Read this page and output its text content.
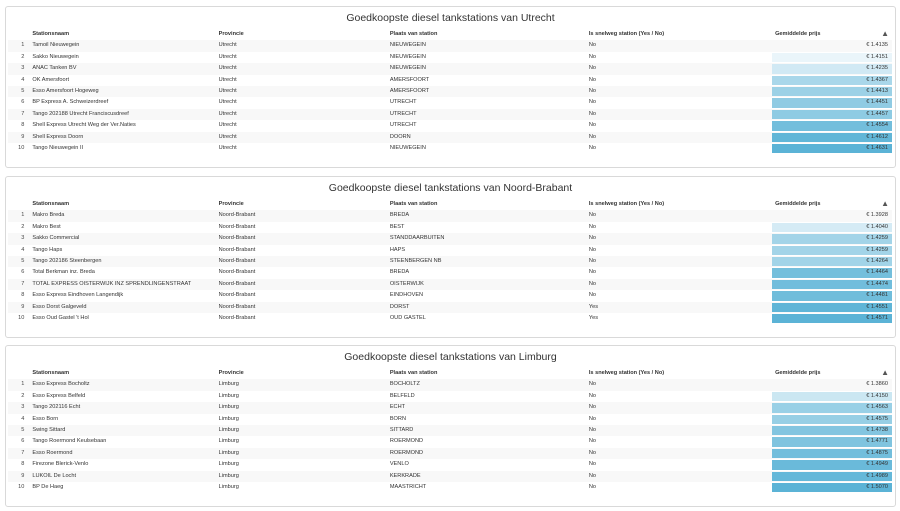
Goedkoopste diesel tankstations van Utrecht
▲
	Stationsnaam	Provincie	Plaats van station	Is snelweg station (Yes / No)	Gemiddelde prijs
1	Tamoil Nieuwegein	Utrecht	NIEUWEGEIN	No	€ 1.4135

2	Sakko Nieuwegein	Utrecht	NIEUWEGEIN	No	€ 1.4151

3	ANAC Tanken BV	Utrecht	NIEUWEGEIN	No	€ 1.4235

4	OK Amersfoort	Utrecht	AMERSFOORT	No	€ 1.4367

5	Esso Amersfoort Hogeweg	Utrecht	AMERSFOORT	No	€ 1.4413

6	BP Express A. Schweizerdreef	Utrecht	UTRECHT	No	€ 1.4451

7	Tango 202188 Utrecht Franciscusdreef	Utrecht	UTRECHT	No	€ 1.4457

8	Shell Express Utrecht Weg der Ver.Naties	Utrecht	UTRECHT	No	€ 1.4554

9	Shell Express Doorn	Utrecht	DOORN	No	€ 1.4612

10	Tango Nieuwegein II	Utrecht	NIEUWEGEIN	No	€ 1.4631
Goedkoopste diesel tankstations van Noord-Brabant
▲
	Stationsnaam	Provincie	Plaats van station	Is snelweg station (Yes / No)	Gemiddelde prijs
1	Makro Breda	Noord-Brabant	BREDA	No	€ 1.3928

2	Makro Best	Noord-Brabant	BEST	No	€ 1.4040

3	Sakko Commercial	Noord-Brabant	STANDDAARBUITEN	No	€ 1.4259

4	Tango Haps	Noord-Brabant	HAPS	No	€ 1.4259

5	Tango 202186 Steenbergen	Noord-Brabant	STEENBERGEN NB	No	€ 1.4264

6	Total Berkman inz. Breda	Noord-Brabant	BREDA	No	€ 1.4464

7	TOTAL EXPRESS OISTERWIJK INZ SPRENDLINGENSTRAAT	Noord-Brabant	OISTERWIJK	No	€ 1.4474

8	Esso Express Eindhoven Langendijk	Noord-Brabant	EINDHOVEN	No	€ 1.4481

9	Esso Dorst Galgeveld	Noord-Brabant	DORST	Yes	€ 1.4551

10	Esso Oud Gastel 't Hol	Noord-Brabant	OUD GASTEL	Yes	€ 1.4571
Goedkoopste diesel tankstations van Limburg
▲
	Stationsnaam	Provincie	Plaats van station	Is snelweg station (Yes / No)	Gemiddelde prijs
1	Esso Express Bocholtz	Limburg	BOCHOLTZ	No	€ 1.3860

2	Esso Express Belfeld	Limburg	BELFELD	No	€ 1.4150

3	Tango 202116 Echt	Limburg	ECHT	No	€ 1.4563

4	Esso Born	Limburg	BORN	No	€ 1.4575

5	Swing Sittard	Limburg	SITTARD	No	€ 1.4738

6	Tango Roermond Keulsebaan	Limburg	ROERMOND	No	€ 1.4771

7	Esso Roermond	Limburg	ROERMOND	No	€ 1.4875

8	Firezone Blerick-Venlo	Limburg	VENLO	No	€ 1.4949

9	LUKOIL De Locht	Limburg	KERKRADE	No	€ 1.4989

10	BP De Haeg	Limburg	MAASTRICHT	No	€ 1.5070
